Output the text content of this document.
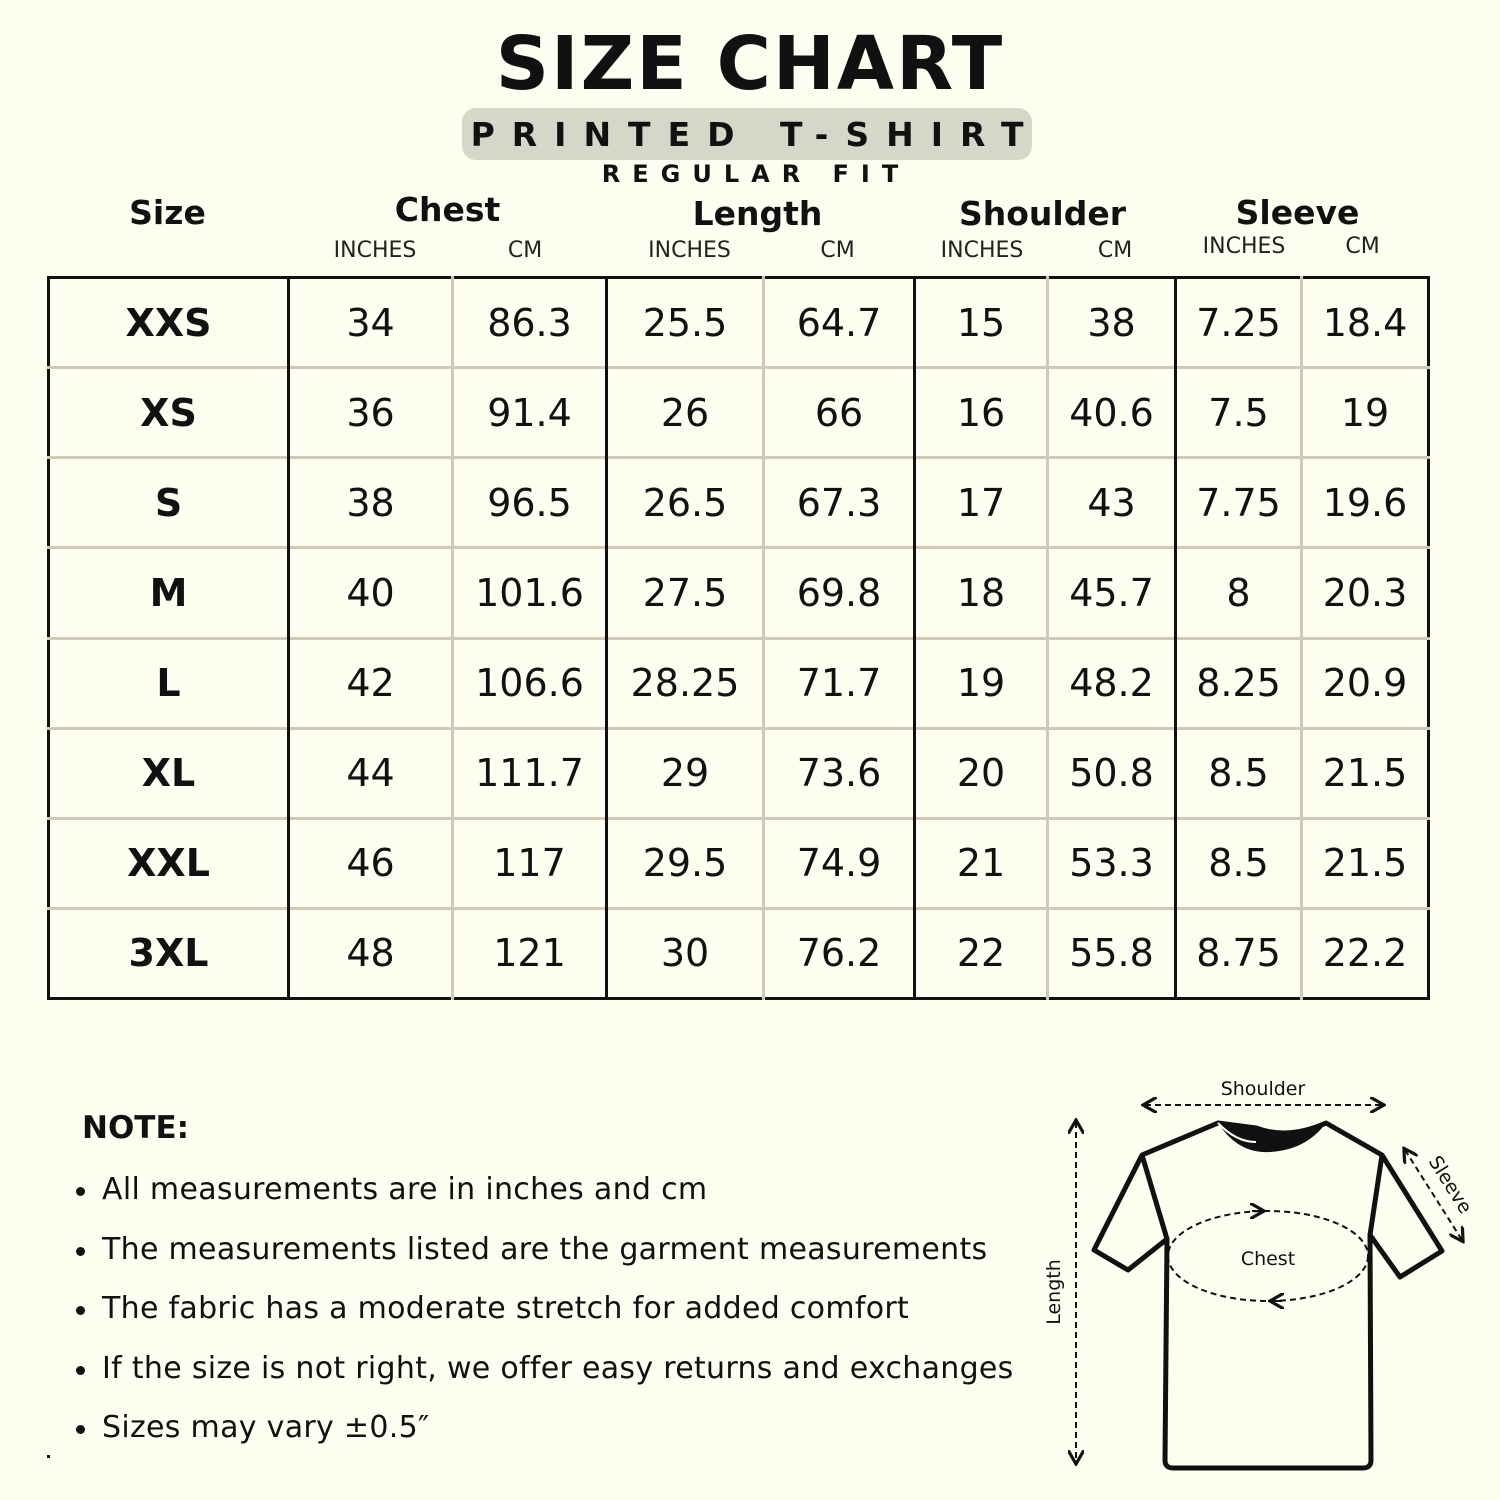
SIZE CHART
PRINTED T-SHIRT
REGULAR FIT
Size	Chest
INCHES	CM
Length
INCHES	CM
Shoulder
INCHES	CM
Sleeve
INCHES	CM
XXS	34	86.3	25.5	64.7	15	38	7.25	18.4
XS	36	91.4	26	66	16	40.6	7.5	19
S	38	96.5	26.5	67.3	17	43	7.75	19.6
M	40	101.6	27.5	69.8	18	45.7	8	20.3
L	42	106.6	28.25	71.7	19	48.2	8.25	20.9
XL	44	111.7	29	73.6	20	50.8	8.5	21.5
XXL	46	117	29.5	74.9	21	53.3	8.5	21.5
3XL	48	121	30	76.2	22	55.8	8.75	22.2
NOTE:
All measurements are in inches and cm
The measurements listed are the garment measurements
The fabric has a moderate stretch for added comfort
If the size is not right, we offer easy returns and exchanges
Sizes may vary ±0.5″
Shoulder
Sleeve
Chest
Length
